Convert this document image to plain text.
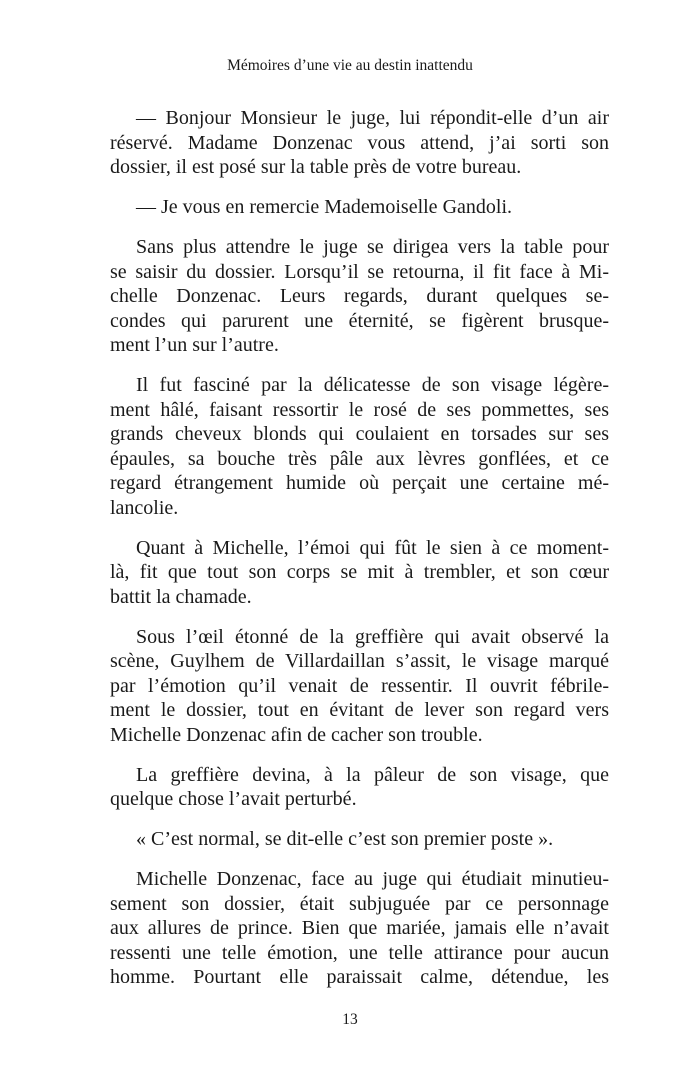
Mémoires d’une vie au destin inattendu
— Bonjour Monsieur le juge, lui répondit-elle d’un air
réservé. Madame Donzenac vous attend, j’ai sorti son
dossier, il est posé sur la table près de votre bureau.
— Je vous en remercie Mademoiselle Gandoli.
Sans plus attendre le juge se dirigea vers la table pour
se saisir du dossier. Lorsqu’il se retourna, il fit face à Mi-
chelle Donzenac. Leurs regards, durant quelques se-
condes qui parurent une éternité, se figèrent brusque-
ment l’un sur l’autre.
Il fut fasciné par la délicatesse de son visage légère-
ment hâlé, faisant ressortir le rosé de ses pommettes, ses
grands cheveux blonds qui coulaient en torsades sur ses
épaules, sa bouche très pâle aux lèvres gonflées, et ce
regard étrangement humide où perçait une certaine mé-
lancolie.
Quant à Michelle, l’émoi qui fût le sien à ce moment-
là, fit que tout son corps se mit à trembler, et son cœur
battit la chamade.
Sous l’œil étonné de la greffière qui avait observé la
scène, Guylhem de Villardaillan s’assit, le visage marqué
par l’émotion qu’il venait de ressentir. Il ouvrit fébrile-
ment le dossier, tout en évitant de lever son regard vers
Michelle Donzenac afin de cacher son trouble.
La greffière devina, à la pâleur de son visage, que
quelque chose l’avait perturbé.
« C’est normal, se dit-elle c’est son premier poste ».
Michelle Donzenac, face au juge qui étudiait minutieu-
sement son dossier, était subjuguée par ce personnage
aux allures de prince. Bien que mariée, jamais elle n’avait
ressenti une telle émotion, une telle attirance pour aucun
homme. Pourtant elle paraissait calme, détendue, les
13
